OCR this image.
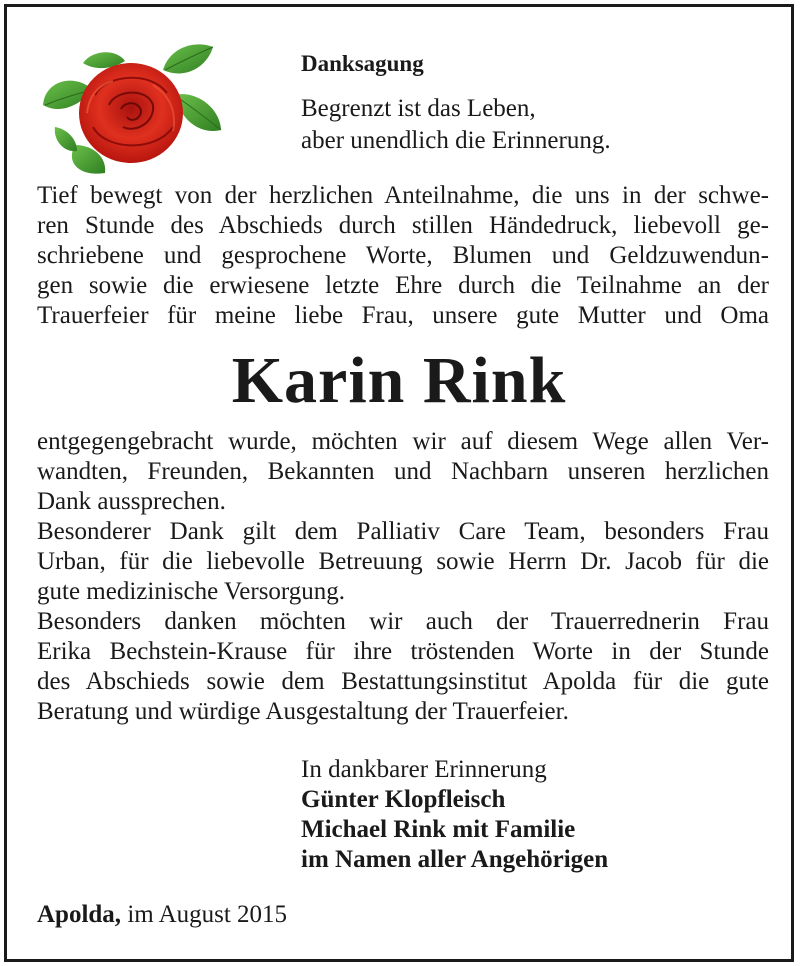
Danksagung

Begrenzt ist das Leben,
aber unendlich die Erinnerung.

Tief bewegt von der herzlichen Anteilnahme, die uns in der schwe-
ren Stunde des Abschieds durch stillen Händedruck, liebevoll ge-
schriebene und gesprochene Worte, Blumen und Geldzuwendun-
gen sowie die erwiesene letzte Ehre durch die Teilnahme an der
Trauerfeier für meine liebe Frau, unsere gute Mutter und Oma

Karin Rink

entgegengebracht wurde, möchten wir auf diesem Wege allen Ver-
wandten, Freunden, Bekannten und Nachbarn unseren herzlichen
Dank aussprechen.

Besonderer Dank gilt dem Palliativ Care Team, besonders Frau
Urban, für die liebevolle Betreuung sowie Herrn Dr. Jacob für die
gute medizinische Versorgung.

Besonders danken möchten wir auch der Trauerrednerin Frau
Erika Bechstein-Krause für ihre tröstenden Worte in der Stunde
des Abschieds sowie dem Bestattungsinstitut Apolda für die gute
Beratung und würdige Ausgestaltung der Trauerfeier.

In dankbarer Erinnerung
Günter Klopfleisch
Michael Rink mit Familie
im Namen aller Angehörigen

Apolda, im August 2015
